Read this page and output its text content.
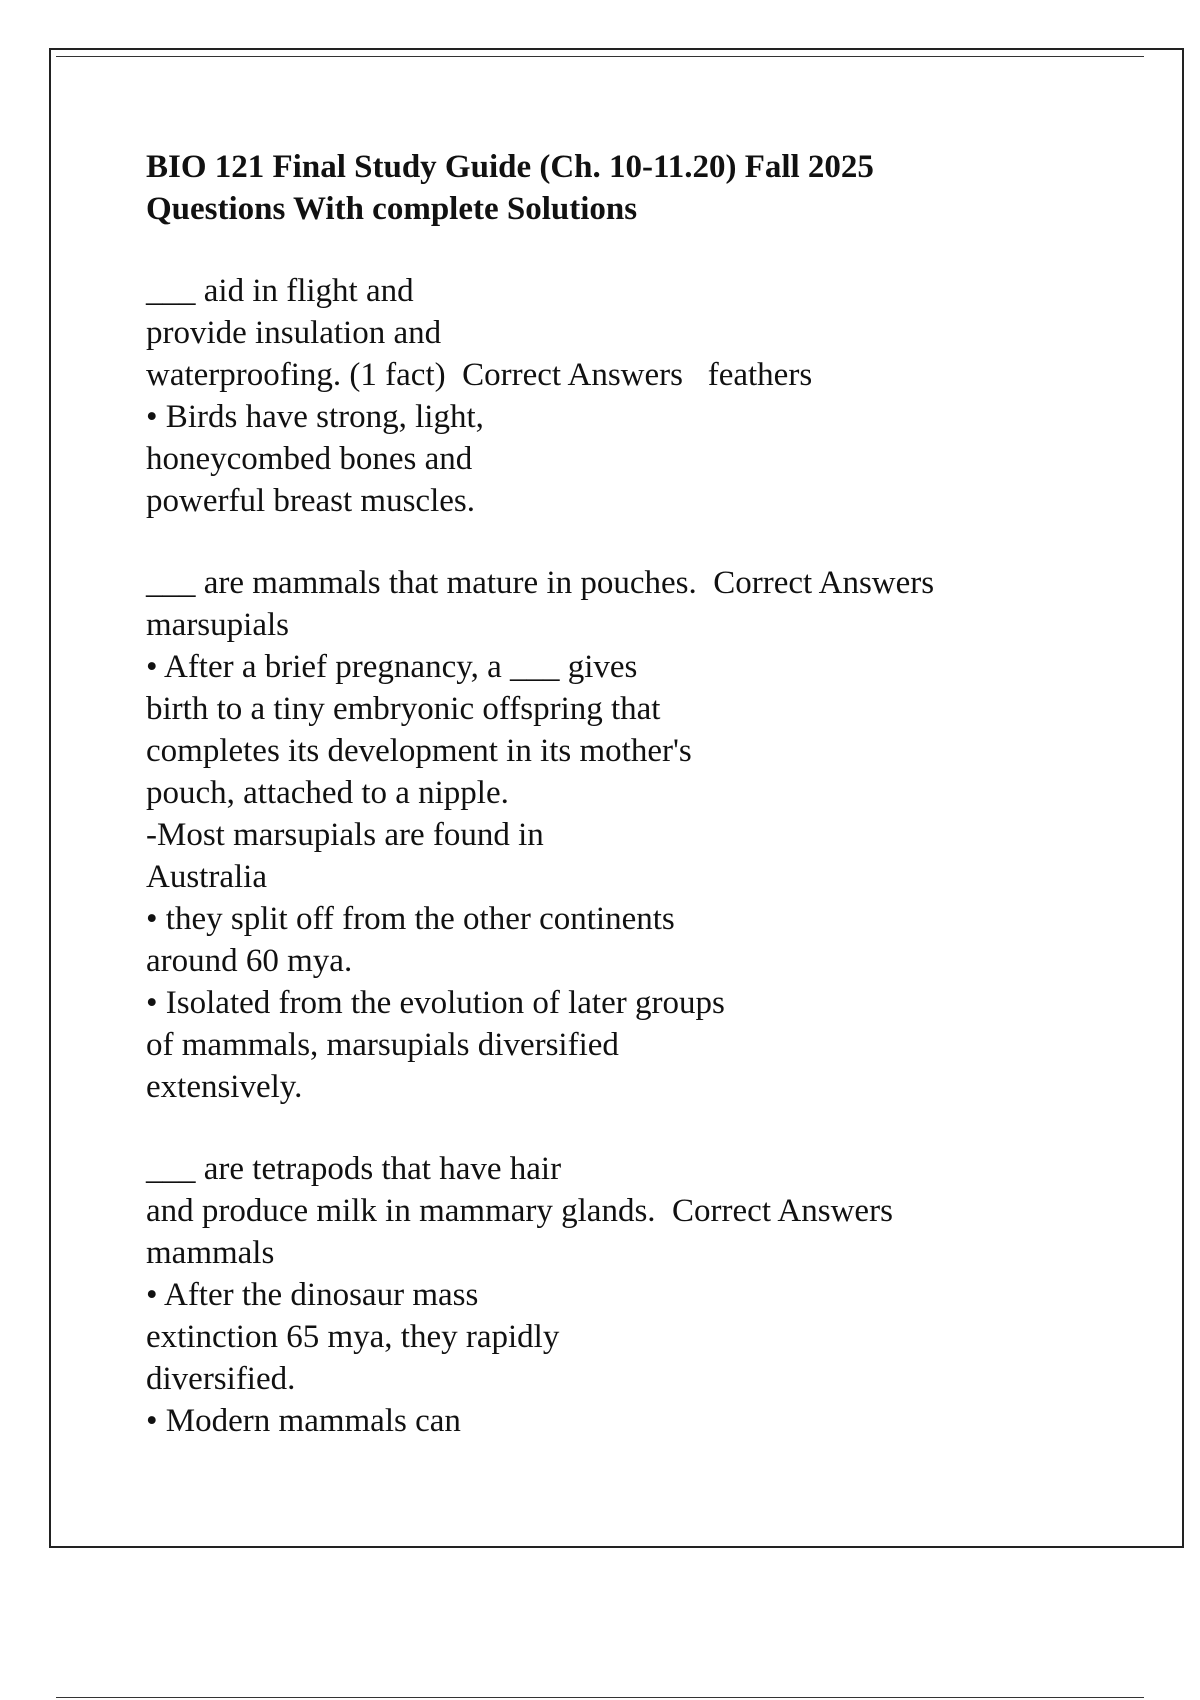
BIO 121 Final Study Guide (Ch. 10-11.20) Fall 2025
Questions With complete Solutions
___ aid in flight and
provide insulation and
waterproofing. (1 fact)  Correct Answers   feathers
• Birds have strong, light,
honeycombed bones and
powerful breast muscles.
___ are mammals that mature in pouches.  Correct Answers
marsupials
• After a brief pregnancy, a ___ gives
birth to a tiny embryonic offspring that
completes its development in its mother's
pouch, attached to a nipple.
-Most marsupials are found in
Australia
• they split off from the other continents
around 60 mya.
• Isolated from the evolution of later groups
of mammals, marsupials diversified
extensively.
___ are tetrapods that have hair
and produce milk in mammary glands.  Correct Answers
mammals
• After the dinosaur mass
extinction 65 mya, they rapidly
diversified.
• Modern mammals can
